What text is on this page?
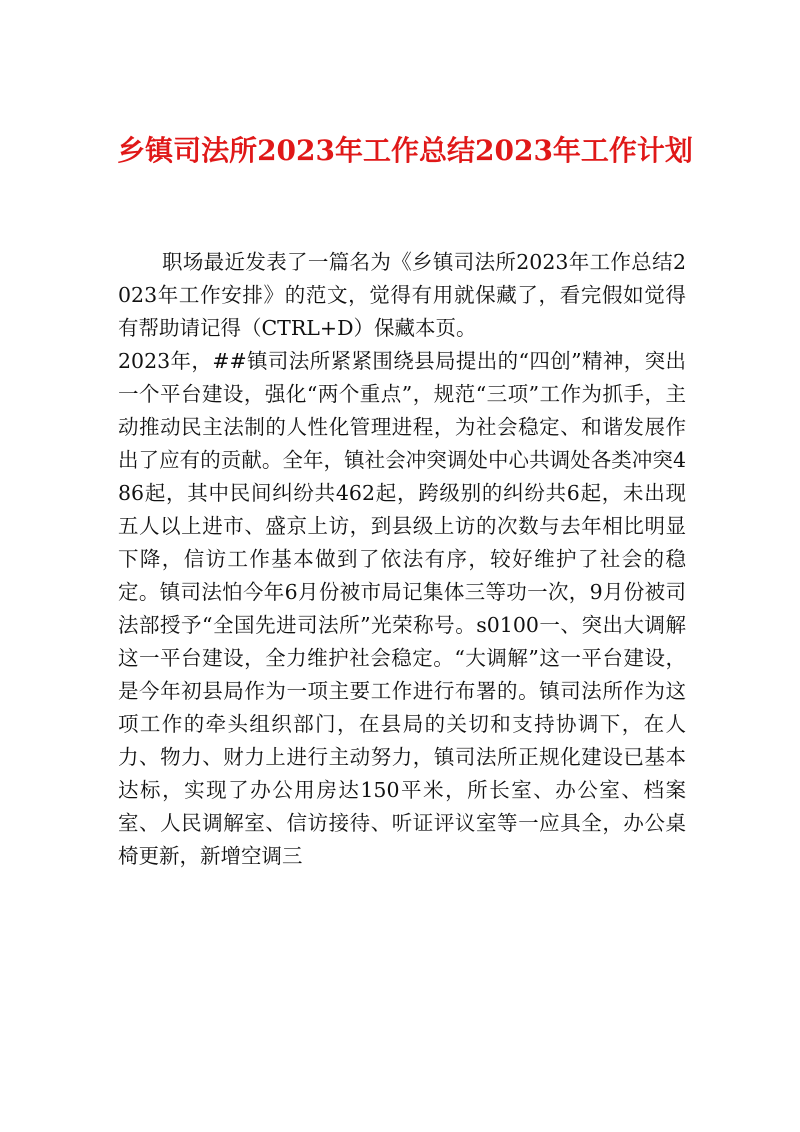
乡镇司法所2023年工作总结2023年工作计划

职场最近发表了一篇名为《乡镇司法所2023年工作总结2023年工作安排》的范文，觉得有用就保藏了，看完假如觉得有帮助请记得（CTRL+D）保藏本页。

2023年，##镇司法所紧紧围绕县局提出的“四创”精神，突出一个平台建设，强化“两个重点”，规范“三项”工作为抓手，主动推动民主法制的人性化管理进程，为社会稳定、和谐发展作出了应有的贡献。全年，镇社会冲突调处中心共调处各类冲突486起，其中民间纠纷共462起，跨级别的纠纷共6起，未出现五人以上进市、盛京上访，到县级上访的次数与去年相比明显下降，信访工作基本做到了依法有序，较好维护了社会的稳定。镇司法怕今年6月份被市局记集体三等功一次，9月份被司法部授予“全国先进司法所”光荣称号。s0100一、突出大调解这一平台建设，全力维护社会稳定。“大调解”这一平台建设，是今年初县局作为一项主要工作进行布署的。镇司法所作为这项工作的牵头组织部门，在县局的关切和支持协调下，在人力、物力、财力上进行主动努力，镇司法所正规化建设已基本达标，实现了办公用房达150平米，所长室、办公室、档案室、人民调解室、信访接待、听证评议室等一应具全，办公桌椅更新，新增空调三
